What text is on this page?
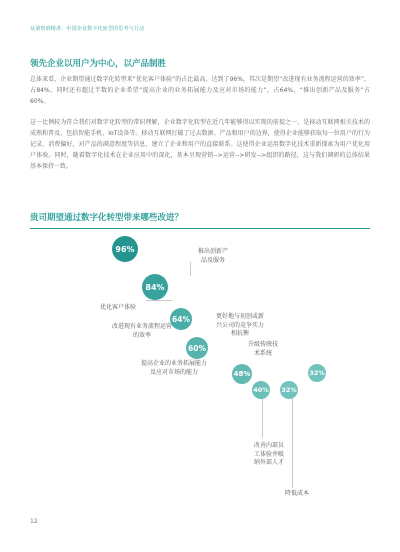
从洞察到精准：中国企业数字化转型的思考与行动
领先企业以用户为中心，以产品制胜
总体来看，企业期望通过数字化转型来“优化客户体验”的占比最高，达到了96%，其次是期望“改进现有业务流程运营的效率”，占84%，同时还有超过半数的企业希望“提高企业的业务拓展能力及应对市场的能力”，占64%，“推出创新产品及服务”占60%。
这一比例较为符合我们对数字化转型的常识理解，企业数字化转型在近几年能够得以实现的前提之一，是移动互联网相关技术的成熟和普及，包括智能手机、IoT设备等。移动互联网打破了过去数据、产品和用户的边界，使得企业能够获取每一位用户的行为记录，消费偏好，对产品的满意程度等信息，建立了企业和用户的直接联系。这使得企业运用数字化技术重新探索为用户优化用户体验。同时，随着数字化技术在企业应用中的深化，基本呈现营销-->运营-->研发-->组织的路径，这与我们调研的总体结果基本保持一致。
贵司期望通过数字化转型带来哪些改进？
96%
优化客户体验
84%
改进现有业务流程运营的效率
64%
提高企业的业务拓展能力及应对市场的能力
60%
推出创新产品及服务
48%
更好地与初创或新兴公司的竞争实力相抗衡
40%
升级传统技术系统
32%
改善内部员工体验并吸纳外部人才
32%
降低成本
12
